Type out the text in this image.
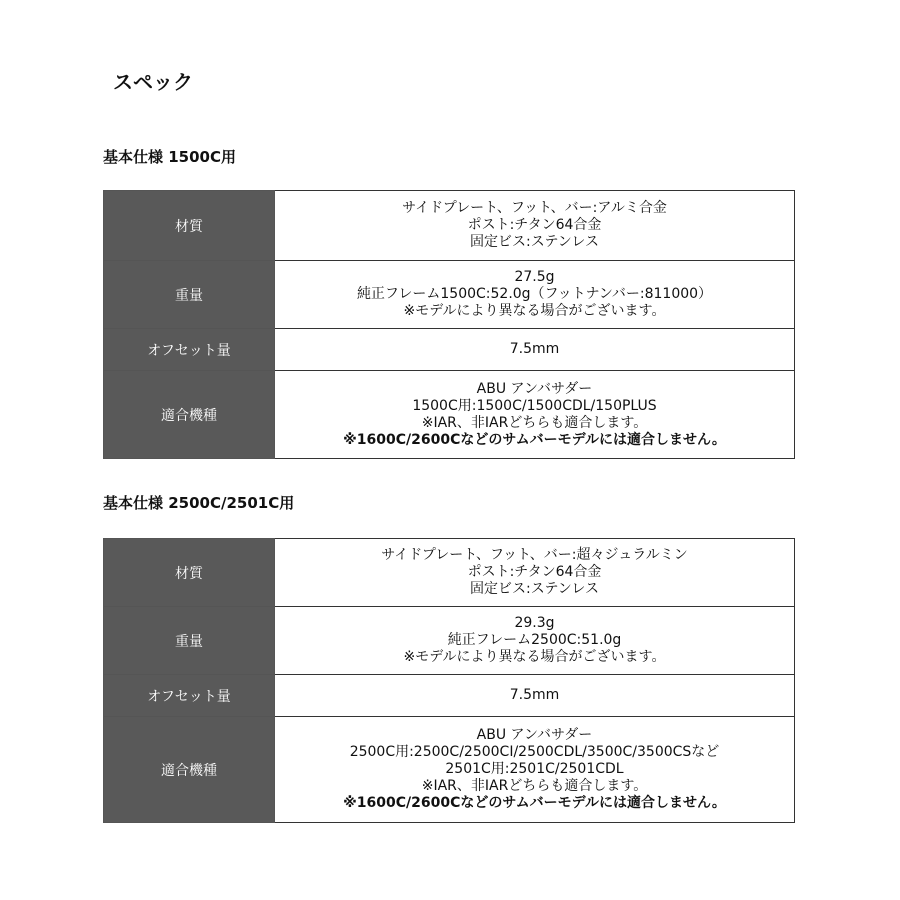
スペック
基本仕様 1500C用
材質	サイドプレート、フット、バー:アルミ合金
ポスト:チタン64合金
固定ビス:ステンレス

重量	27.5g
純正フレーム1500C:52.0g（フットナンバー:811000）
※モデルにより異なる場合がございます。

オフセット量	7.5mm

適合機種	ABU アンバサダー
1500C用:1500C/1500CDL/150PLUS
※IAR、非IARどちらも適合します。
※1600C/2600Cなどのサムバーモデルには適合しません。
基本仕様 2500C/2501C用
材質	サイドプレート、フット、バー:超々ジュラルミン
ポスト:チタン64合金
固定ビス:ステンレス

重量	29.3g
純正フレーム2500C:51.0g
※モデルにより異なる場合がございます。

オフセット量	7.5mm

適合機種	ABU アンバサダー
2500C用:2500C/2500CI/2500CDL/3500C/3500CSなど
2501C用:2501C/2501CDL
※IAR、非IARどちらも適合します。
※1600C/2600Cなどのサムバーモデルには適合しません。
